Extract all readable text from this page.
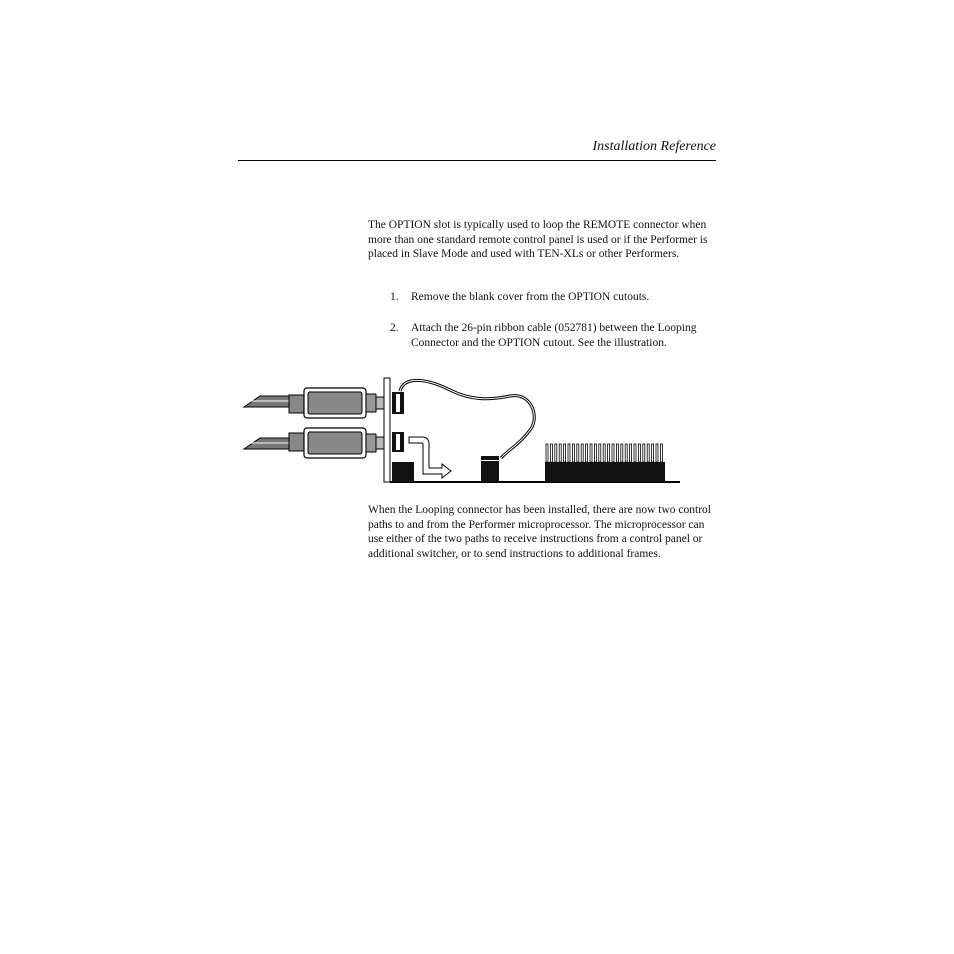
Installation Reference

The OPTION slot is typically used to loop the REMOTE connector when more than one standard remote control panel is used or if the Performer is placed in Slave Mode and used with TEN-XLs or other Performers.

1. Remove the blank cover from the OPTION cutouts.
2. Attach the 26-pin ribbon cable (052781) between the Looping Connector and the OPTION cutout. See the illustration.

When the Looping connector has been installed, there are now two control paths to and from the Performer microprocessor. The microprocessor can use either of the two paths to receive instructions from a control panel or additional switcher, or to send instructions to additional frames.
